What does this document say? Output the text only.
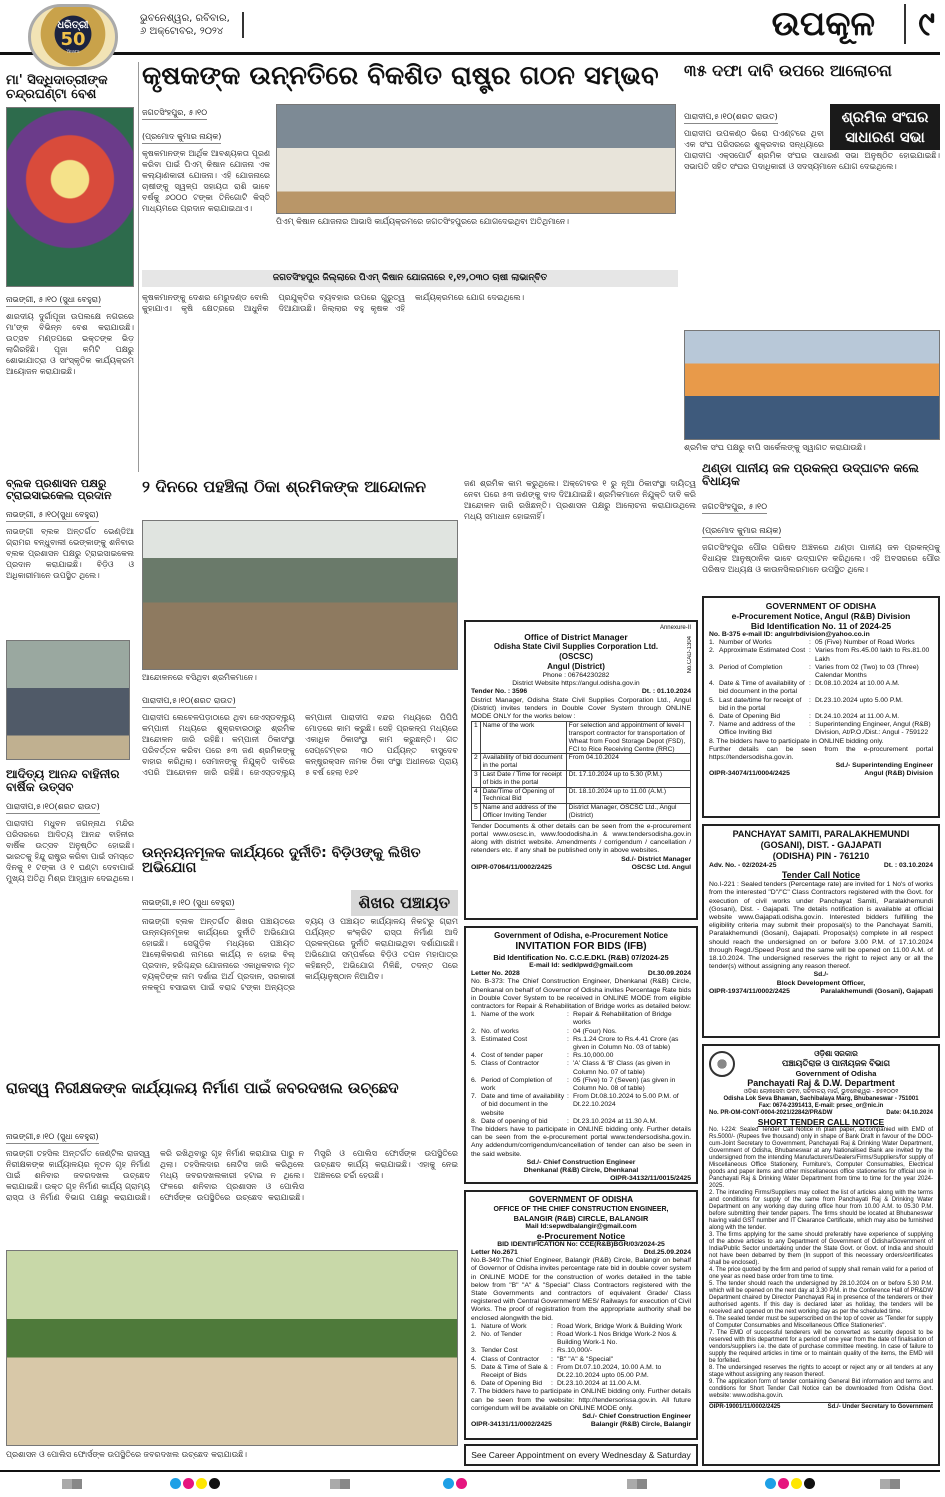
ଧରିତ୍ରୀ
50
Years
ଭୁବନେଶ୍ୱର, ରବିବାର,
୬ ଅକ୍ଟୋବର, ୨୦୨୪	ଉପକୂଳ	୯
ମା' ସିଦ୍ଧିଦାତ୍ରୀଙ୍କ ଚନ୍ଦ୍ରଘଣ୍ଟା ବେଶ
ନାଭଙ୍ଗୀ, ୫।୧୦ (ସୁଧା ବେହୁରା)
ଶାରଦୀୟ ଦୁର୍ଗାପୂଜା ଉପଲକ୍ଷେ ନଗରରେ ମା'ଙ୍କ ବିଭିନ୍ନ ବେଶ କରାଯାଉଛି। ଉତ୍ସବ ମଣ୍ଡପରେ ଭକ୍ତଙ୍କ ଭିଡ଼ ଲାଗିରହିଛି। ପୂଜା କମିଟି ପକ୍ଷରୁ ଶୋଭାଯାତ୍ରା ଓ ସାଂସ୍କୃତିକ କାର୍ଯ୍ୟକ୍ରମ ଆୟୋଜନ କରାଯାଇଛି।
କୃଷକଙ୍କ ଉନ୍ନତିରେ ବିକଶିତ ରାଷ୍ଟ୍ର ଗଠନ ସମ୍ଭବ
ଜଗତସିଂହପୁର, ୫।୧୦
(ପ୍ରମୋଦ କୁମାର ନାୟକ)
କୃଷକମାନଙ୍କ ଆର୍ଥିକ ଆବଶ୍ୟକତା ପୂରଣ କରିବା ପାଇଁ ପିଏମ୍ କିଷାନ ଯୋଜନା ଏକ କଲ୍ୟାଣକାରୀ ଯୋଜନା। ଏହି ଯୋଜନାରେ ଚାଷୀଙ୍କୁ ସ୍ୱଳ୍ପ ସହାୟତା ରାଶି ଭାବେ ବର୍ଷକୁ ୬୦୦୦ ଟଙ୍କା ତିନିଗୋଟି କିସ୍ତି ମାଧ୍ୟମରେ ପ୍ରଦାନ କରାଯାଇଥାଏ।
ପିଏମ୍ କିଷାନ ଯୋଜନାର ଆଭାସି କାର୍ଯ୍ୟକ୍ରମରେ ଜଗତସିଂହପୁରରେ ଯୋଗଦେଇଥିବା ଅତିଥିମାନେ।
ଜଗତସିଂହପୁର ଜିଲ୍ଲାରେ ପିଏମ୍ କିଷାନ ଯୋଜନାରେ ୧,୧୨,୦୩୦ ଚାଷୀ ଲାଭାନ୍ବିତ
କୃଷକମାନଙ୍କୁ ଦେଶର ମେରୁଦଣ୍ଡ ବୋଲି କୁହାଯାଏ। କୃଷି କ୍ଷେତ୍ରରେ ଆଧୁନିକ ପ୍ରଯୁକ୍ତିର ବ୍ୟବହାର ଉପରେ ଗୁରୁତ୍ୱ ଦିଆଯାଉଛି। ଜିଲ୍ଲାର ବହୁ କୃଷକ ଏହି କାର୍ଯ୍ୟକ୍ରମରେ ଯୋଗ ଦେଇଥିଲେ।
୩୫ ଦଫା ଦାବି ଉପରେ ଆଲୋଚନା
ପାରାଦୀପ,୫।୧୦(ଶରତ ରାଉତ)	ଶ୍ରମିକ ସଂଘର ସାଧାରଣ ସଭା
ପାରାଦୀପ ଉପକଣ୍ଠ ଭିରୋ ପଏଣ୍ଟରେ ଥିବା ଏକ ସଂଘ ପରିସରରେ ଶୁକ୍ରବାର ସନ୍ଧ୍ୟାରେ ପାରାଦୀପ ଏକ୍ସପୋର୍ଟ ଶ୍ରମିକ ସଂଘର ସାଧାରଣ ସଭା ଅନୁଷ୍ଠିତ ହୋଇଯାଇଛି। ସଭାପତି ସହିତ ସଂଘର ପଦାଧିକାରୀ ଓ ସଦସ୍ୟମାନେ ଯୋଗ ଦେଇଥିଲେ।
ଶ୍ରମିକ ସଂଘ ପକ୍ଷରୁ ବାପି ସାର୍କେଲଙ୍କୁ ସ୍ୱାଗତ କରାଯାଉଛି।
ବ୍ଲକ ପ୍ରଶାସନ ପକ୍ଷରୁ ଟ୍ରାଇସାଇକେଲ ପ୍ରଦାନ
ନାଭଙ୍ଗୀ, ୫।୧୦(ସୁଧା ବେହୁରା)
ନାଭଙ୍ଗୀ ବ୍ଲକ ଅନ୍ତର୍ଗତ ଭେଣ୍ଡିଆ ଗ୍ରାମର ବନ୍ଧୁବାଲୀ ଭେଙ୍କାଙ୍କୁ ଶନିବାର ବ୍ଲକ ପ୍ରଶାସନ ପକ୍ଷରୁ ଟ୍ରାଇସାଇକେଲ ପ୍ରଦାନ କରାଯାଇଛି। ବିଡ଼ିଓ ଓ ଅଧିକାରୀମାନେ ଉପସ୍ଥିତ ଥିଲେ।
୨ ଦିନରେ ପହଞ୍ଚିଲା ଠିକା ଶ୍ରମିକଙ୍କ ଆନ୍ଦୋଳନ
ଆନ୍ଦୋଳନରେ ବସିଥିବା ଶ୍ରମିକମାନେ।
ପାରାଦୀପ,୫।୧୦(ଶରତ ରାଉତ)
ପାରାଦୀପ ଲେବେଳପଡ଼ାଠାରେ ଥିବା ଜେଏସ୍ଡବ୍ଲ୍ୟୁ କମ୍ପାନୀ ମଧ୍ୟରେ ଶୁକ୍ରବାରଠାରୁ ଶ୍ରମିକ ଆନ୍ଦୋଳନ ଜାରି ରହିଛି। କମ୍ପାନୀ ଠିକାସଂସ୍ଥା ପରିବର୍ତ୍ତନ କରିବା ପରେ ୫୩ ଜଣ ଶ୍ରମିକଙ୍କୁ ବାହାର କରିଥିଲା। ସେମାନଙ୍କୁ ନିଯୁକ୍ତି ଦାବିରେ ଏପରି ଆନ୍ଦୋଳନ ଜାରି ରହିଛି। ଜେଏସ୍ଡବ୍ଲ୍ୟୁ କମ୍ପାନୀ ପାରାଦୀପ ବନ୍ଦର ମଧ୍ୟରେ ପିପିପି ମୋଡ଼ରେ କାମ କରୁଛି। ସେହି ପ୍ରକଳ୍ପ ମଧ୍ୟରେ ଏକାଧିକ ଠିକାସଂସ୍ଥା କାମ କରୁଛନ୍ତି। ଗତ ସେପ୍ଟେମ୍ବର ୩୦ ପର୍ଯ୍ୟନ୍ତ ବାସୁଦେବ କନ୍‌ଷ୍ଟ୍ରକ୍ସନ ନାମକ ଠିକା ସଂସ୍ଥା ଅଧୀନରେ ପ୍ରାୟ ୫ ବର୍ଷ ହେଲା ୧୬୧
ଜଣ ଶ୍ରମିକ କାମ କରୁଥିଲେ। ଅକ୍ଟୋବର ୧ ରୁ ନୂଆ ଠିକାସଂସ୍ଥା ଦାୟିତ୍ୱ ନେବା ପରେ ୫୩ ଜଣଙ୍କୁ ବାଦ ଦିଆଯାଇଛି। ଶ୍ରମିକମାନେ ନିଯୁକ୍ତି ଦାବି କରି ଆନ୍ଦୋଳନ ଜାରି ରଖିଛନ୍ତି। ପ୍ରଶାସନ ପକ୍ଷରୁ ଆଲୋଚନା କରାଯାଉଥିଲେ ମଧ୍ୟ ସମାଧାନ ହୋଇନାହିଁ।
ଥଣ୍ଡା ପାନୀୟ ଜଳ ପ୍ରକଳ୍ପ ଉଦ୍‌ଘାଟନ କଲେ ବିଧାୟକ
ଜଗତସିଂହପୁର, ୫।୧୦
(ପ୍ରମୋଦ କୁମାର ନାୟକ)
ଜଗତସିଂହପୁର ପୌର ପରିଷଦ ଅଞ୍ଚଳରେ ଥଣ୍ଡା ପାନୀୟ ଜଳ ପ୍ରକଳ୍ପକୁ ବିଧାୟକ ଆନୁଷ୍ଠାନିକ ଭାବେ ଉଦ୍‌ଘାଟନ କରିଥିଲେ। ଏହି ଅବସରରେ ପୌର ପରିଷଦ ଅଧ୍ୟକ୍ଷ ଓ କାଉନସିଲରମାନେ ଉପସ୍ଥିତ ଥିଲେ।
ଆଦିତ୍ୟ ଆନନ୍ଦ ବାହିନୀର ବାର୍ଷିକ ଉତ୍ସବ
ପାରାଦୀପ,୫।୧୦(ଶରତ ରାଉତ)
ପାରାଦୀପ ମଧୁବନ ଜଗନ୍ନାଥ ମନ୍ଦିର ପରିସରରେ ଆଦିତ୍ୟ ଆନନ୍ଦ ବାହିନୀର ବାର୍ଷିକ ଉତ୍ସବ ଅନୁଷ୍ଠିତ ହୋଇଛି। ଭାରତକୁ ହିନ୍ଦୁ ରାଷ୍ଟ୍ର କରିବା ପାଇଁ ସମସ୍ତେ ଦିନକୁ ୧ ଟଙ୍କା ଓ ୧ ଘଣ୍ଟା ଦେବାପାଇଁ ମୁଖ୍ୟ ଅତିଥି ମିଶ୍ର ଆହ୍ୱାନ ଦେଇଥିଲେ।
ଉନ୍ନୟନମୂଳକ କାର୍ଯ୍ୟରେ ଦୁର୍ନୀତି: ବିଡ଼ିଓଙ୍କୁ ଲିଖିତ ଅଭିଯୋଗ
ଶିଖର ପଞ୍ଚାୟତ
ନାଭଙ୍ଗୀ,୫।୧୦ (ସୁଧା ବେହୁରା)
ନାଭଙ୍ଗୀ ବ୍ଲକ ଅନ୍ତର୍ଗତ ଶିଖର ପଞ୍ଚାୟତରେ ଉନ୍ନୟନମୂଳକ କାର୍ଯ୍ୟରେ ଦୁର୍ନୀତି ଅଭିଯୋଗ ହୋଇଛି। ସେଗୁଡ଼ିକ ମଧ୍ୟରେ ପଞ୍ଚାୟତ ଆଲୋକିକରଣ ନାମରେ କାର୍ଯ୍ୟ ନ ହୋଇ ବିଲ୍ ପ୍ରଦାନ, ହରିଶ୍ଚନ୍ଦ୍ର ଯୋଜନାରେ ଏକାଧିକବାର ମୃତ ବ୍ୟକ୍ତିଙ୍କ ନାମ ଦର୍ଶାଇ ଅର୍ଥ ପ୍ରଦାନ, ସରକାରୀ ନଳକୂପ ବସାଇବା ପାଇଁ ବରାଦ୍ଦ ଟଙ୍କା ଅନ୍ୟତ୍ର ବ୍ୟୟ ଓ ପଞ୍ଚାୟତ କାର୍ଯ୍ୟାଳୟ ନିକଟରୁ ଗ୍ରାମ ପର୍ଯ୍ୟନ୍ତ କଂକ୍ରିଟ ରାସ୍ତା ନିର୍ମାଣ ଆଦି ପ୍ରକଳ୍ପରେ ଦୁର୍ନୀତି କରାଯାଇଥିବା ଦର୍ଶାଯାଇଛି। ଅଭିଯୋଗ ସମ୍ପର୍କରେ ବିଡ଼ିଓ ତପନ ମହାପାତ୍ର କହିଛନ୍ତି, ଅଭିଯୋଗ ମିଳିଛି, ତଦନ୍ତ ପରେ କାର୍ଯ୍ୟାନୁଷ୍ଠାନ ନିଆଯିବ।
ରାଜସ୍ୱ ନିରୀକ୍ଷକଙ୍କ କାର୍ଯ୍ୟାଳୟ ନିର୍ମାଣ ପାଇଁ ଜବରଦଖଲ ଉଚ୍ଛେଦ
ନାଭଙ୍ଗୀ,୫।୧୦ (ସୁଧା ବେହୁରା)
ନାଭଙ୍ଗୀ ତହସିଲ ଅନ୍ତର୍ଗତ ଜେଣ୍ଟିଲ ରାଜସ୍ୱ ନିରୀକ୍ଷକଙ୍କ କାର୍ଯ୍ୟାଳୟର ନୂତନ ଗୃହ ନିର୍ମାଣ ପାଇଁ ଶନିବାର ଜବରଦଖଲ ଉଚ୍ଛେଦ କରାଯାଇଛି। ଉକ୍ତ ଗୃହ ନିର୍ମାଣ କାର୍ଯ୍ୟ ଗ୍ରାମ୍ୟ ରାସ୍ତା ଓ ନିର୍ମାଣ ବିଭାଗ ପକ୍ଷରୁ କରାଯାଉଛି। କରି ରଖିଥିବାରୁ ଗୃହ ନିର୍ମାଣ କରାଯାଇ ପାରୁ ନ ଥିଲା। ତହସିଲଦାର ନୋଟିସ ଜାରି କରିଥିଲେ ମଧ୍ୟ ଜବରଦଖଲକାରୀ ହଟାଇ ନ ଥିଲେ। ଫଳରେ ଶନିବାର ପ୍ରଶାସନ ଓ ପୋଲିସ ଫୋର୍ସଙ୍କ ଉପସ୍ଥିତିରେ ଉଚ୍ଛେଦ କରାଯାଇଛି। ମିସ୍ତ୍ରି ଓ ପୋଲିସ ଫୋର୍ସଙ୍କ ଉପସ୍ଥିତିରେ ଉଚ୍ଛେଦ କାର୍ଯ୍ୟ କରାଯାଇଛି। ଏହାକୁ ନେଇ ଅଞ୍ଚଳରେ ଚର୍ଚ୍ଚା ହେଉଛି।
ପ୍ରଶାସନ ଓ ପୋଲିସ ଫୋର୍ସଙ୍କ ଉପସ୍ଥିତିରେ ଜବରଦଖଲ ଉଚ୍ଛେଦ କରାଯାଉଛି।
Annexure-II
Office of District Manager
Odisha State Civil Supplies Corporation Ltd.
(OSCSC)
Angul (District)
Phone : 06764230282
District Website https://angul.odisha.gov.in
No.CAD-1304
Tender No. : 3596	Dt. : 01.10.2024
District Manager, Odisha State Civil Supplies Corporation Ltd., Angul (District) invites tenders in Double Cover System through ONLINE MODE ONLY for the works below :
1	Name of the work	For selection and appointment of level-I transport contractor for transportation of Wheat from Food Storage Depot (FSD), FCI to Rice Receiving Centre (RRC)
2	Availability of bid document in the portal	From 04.10.2024
3	Last Date / Time for receipt of bids in the portal	Dt. 17.10.2024 up to 5.30 (P.M.)
4	Date/Time of Opening of Technical Bid	Dt. 18.10.2024 up to 11.00 (A.M.)
5	Name and address of the Officer Inviting Tender	District Manager, OSCSC Ltd., Angul (District)
Tender Documents & other details can be seen from the e-procurement portal www.oscsc.in, www.foododisha.in & www.tendersodisha.gov.in along with district website. Amendments / corrigendum / cancellation / retenders etc. if any shall be published only in above websites.
Sd./- District Manager
OIPR-07064/11/0002/2425	OSCSC Ltd. Angul
GOVERNMENT OF ODISHA
e-Procurement Notice, Angul (R&B) Division
Bid Identification No. 11 of 2024-25
No. B-375 e-mail ID: angulrbdivision@yahoo.co.in
1. Number of Works	: 05 (Five) Number of Road Works
2. Approximate Estimated Cost : Varies from Rs.45.00 lakh to Rs.81.00 Lakh
3. Period of Completion	: Varies from 02 (Two) to 03 (Three) Calendar Months
4. Date & Time of availability of bid document in the portal
: Dt.08.10.2024 at 10.00 A.M.
5. Last date/time for receipt of bid in the portal
: Dt.23.10.2024 upto 5.00 P.M.
6. Date of Opening Bid	: Dt.24.10.2024 at 11.00 A.M.
7. Name and address of the Office Inviting Bid
: Superintending Engineer, Angul (R&B) Division, At/P.O./Dist.: Angul - 759122
8. The bidders have to participate in ONLINE bidding only.
Further details can be seen from the e-procurement portal https://tendersodisha.gov.in.
Sd./- Superintending Engineer
OIPR-34074/11/0004/2425	Angul (R&B) Division
PANCHAYAT SAMITI, PARALAKHEMUNDI
(GOSANI), DIST. - GAJAPATI
(ODISHA) PIN - 761210
Adv. No. - 02/2024-25	Dt. : 03.10.2024
Tender Call Notice
No.I-221 : Sealed tenders (Percentage rate) are invited for 1 No's of works from the interested "D"/"C" Class Contractors registered with the Govt. for execution of civil works under Panchayat Samiti, Paralakhemundi (Gosani), Dist. - Gajapati. The details notification is available at official website www.Gajapati.odisha.gov.in. Interested bidders fulfilling the eligibility criteria may submit their proposal(s) to the Panchayat Samiti, Paralakhemundi (Gosani), Gajapati. Proposal(s) complete in all respect should reach the undersigned on or before 3.00 P.M. of 17.10.2024 through Regd./Speed Post and the same will be opened on 11.00 A.M. of 18.10.2024. The undersigned reserves the right to reject any or all the tender(s) without assigning any reason thereof.
Sd./-
Block Development Officer,
OIPR-19374/11/0002/2425	Paralakhemundi (Gosani), Gajapati
Government of Odisha, e-Procurement Notice
INVITATION FOR BIDS (IFB)
Bid Identification No. C.C.E.DKL (R&B) 07/2024-25
E-mail Id: sedklpwd@gmail.com
Letter No. 2028	Dt.30.09.2024
No. B-373: The Chief Construction Engineer, Dhenkanal (R&B) Circle, Dhenkanal on behalf of Governor of Odisha invites Percentage Rate bids in Double Cover System to be received in ONLINE MODE from eligible contractors for Repair & Rehabilitation of Bridge works as detailed below:
1. Name of the work	: Repair & Rehabilitation of Bridge works
2. No. of works	: 04 (Four) Nos.
3. Estimated Cost	: Rs.1.24 Crore to Rs.4.41 Crore (as given in Column No. 03 of table)
4. Cost of tender paper	: Rs.10,000.00
5. Class of Contractor	: 'A' Class & 'B' Class (as given in Column No. 07 of table)
6. Period of Completion of work
: 05 (Five) to 7 (Seven) (as given in Column No. 08 of table)
7. Date and time of availability of bid document in the website
: From Dt.08.10.2024 to 5.00 P.M. of Dt.22.10.2024
8. Date of opening of bid	: Dt.23.10.2024 at 11.30 A.M.
The bidders have to participate in ONLINE bidding only. Further details can be seen from the e-procurement portal www.tendersodisha.gov.in. Any addendum/corrigendum/cancellation of tender can also be seen in the said website.
Sd./- Chief Construction Engineer
Dhenkanal (R&B) Circle, Dhenkanal
OIPR-34132/11/0015/2425
GOVERNMENT OF ODISHA
OFFICE OF THE CHIEF CONSTRUCTION ENGINEER,
BALANGIR (R&B) CIRCLE, BALANGIR
Mail Id:sepwdbalangir@gmail.com
e-Procurement Notice
BID IDENTIFICATION No: CCE(R&B)BGR/03/2024-25
Letter No.2671	Dtd.25.09.2024
No.B-349:The Chief Engineer, Balangir (R&B) Circle, Balangir on behalf of Governor of Odisha invites percentage rate bid in double cover system in ONLINE MODE for the construction of works detailed in the table below from "B" "A" & "Special" Class Contractors registered with the State Governments and contractors of equivalent Grade/ Class registered with Central Government/ MES/ Railways for execution of Civil Works. The proof of registration from the appropriate authority shall be enclosed alongwith the bid.
1. Nature of Work	: Road Work, Bridge Work & Building Work
2. No. of Tender	: Road Work-1 Nos Bridge Work-2 Nos & Building Work-1 No.
3. Tender Cost	: Rs.10,000/-
4. Class of Contractor	: "B" "A" & "Special"
5. Date & Time of Sale & Receipt of Bids
: From Dt.07.10.2024, 10.00 A.M. to Dt.22.10.2024 upto 05.00 P.M.
6. Date of Opening Bid	: Dt.23.10.2024 at 11.00 A.M.
7. The bidders have to participate in ONLINE bidding only. Further details can be seen from the website: http://tendersorissa.gov.in. All future corrigendum will be available on ONLINE MODE only.
Sd./- Chief Construction Engineer
OIPR-34131/11/0002/2425	Balangir (R&B) Circle, Balangir
See Career Appointment on every Wednesday & Saturday
ଓଡ଼ିଶା ସରକାର
ପଞ୍ଚାୟତିରାଜ ଓ ପାନୀୟଜଳ ବିଭାଗ
Government of Odisha
Panchayati Raj & D.W. Department
ଓଡ଼ିଶା ଲୋକସେବା ଭବନ, ସଚିବାଳୟ ମାର୍ଗ, ଭୁବନେଶ୍ୱର - ୭୫୧୦୦୧
Odisha Lok Seva Bhawan, Sachibalaya Marg, Bhubaneswar - 751001
Fax: 0674-2391413, E-mail: prsec_or@nic.in
No. PR-OM-CONT-0004-2021/22842/PR&DW	Date: 04.10.2024
SHORT TENDER CALL NOTICE
No. I-224: Sealed Tender Call Notice in plain paper, accompanied with EMD of Rs.5000/- (Rupees five thousand) only in shape of Bank Draft in favour of the DDO-cum-Joint Secretary to Government, Panchayati Raj & Drinking Water Department, Government of Odisha, Bhubaneswar at any Nationalised Bank are invited by the undersigned from the intending Manufacturers/Dealers/Firms/Suppliers/for supply of Miscellaneous Office Stationery, Furniture's, Computer Consumables, Electrical goods and paper items and other miscellaneous office stationeries for official use in Panchayati Raj & Drinking Water Department from time to time for the year 2024-2025.
2. The intending Firms/Suppliers may collect the list of articles along with the terms and conditions for supply of the same from Panchayati Raj & Drinking Water Department on any working day during office hour from 10.00 A.M. to 05.30 P.M. before submitting their tender papers. The firms should be located at Bhubaneswar having valid GST number and IT Clearance Certificate, which may also be furnished along with the tender.
3. The firms applying for the same should preferably have experience of supplying of the above articles to any Department of Government of Odisha/Government of India/Public Sector undertaking under the State Govt. or Govt. of India and should not have been debarred by them (In support of this necessary orders/certificates shall be enclosed).
4. The price quoted by the firm and period of supply shall remain valid for a period of one year as need base order from time to time.
5. The tender should reach the undersigned by 28.10.2024 on or before 5.30 P.M. which will be opened on the next day at 3.30 P.M. in the Conference Hall of PR&DW Department chaired by Director Panchayati Raj in presence of the tenderers or their authorised agents. If this day is declared later as holiday, the tenders will be received and opened on the next working day as per the scheduled time.
6. The sealed tender must be superscribed on the top of cover as "Tender for supply of Computer Consumables and Miscellaneous Office Stationeries".
7. The EMD of successful tenderers will be converted as security deposit to be reserved with this department for a period of one year from the date of finalisation of vendors/suppliers i.e. the date of purchase committee meeting. In case of failure to supply the required articles in time or to maintain quality of the items, the EMD will be forfeited.
8. The undersinged reserves the rights to accept or reject any or all tenders at any stage without assigning any reason thereof.
9. The application form of tender containing General Bid information and terms and conditions for Short Tender Call Notice can be downloaded from Odisha Govt. website: www.odisha.gov.in.
OIPR-19001/11/0002/2425	Sd./- Under Secretary to Government
